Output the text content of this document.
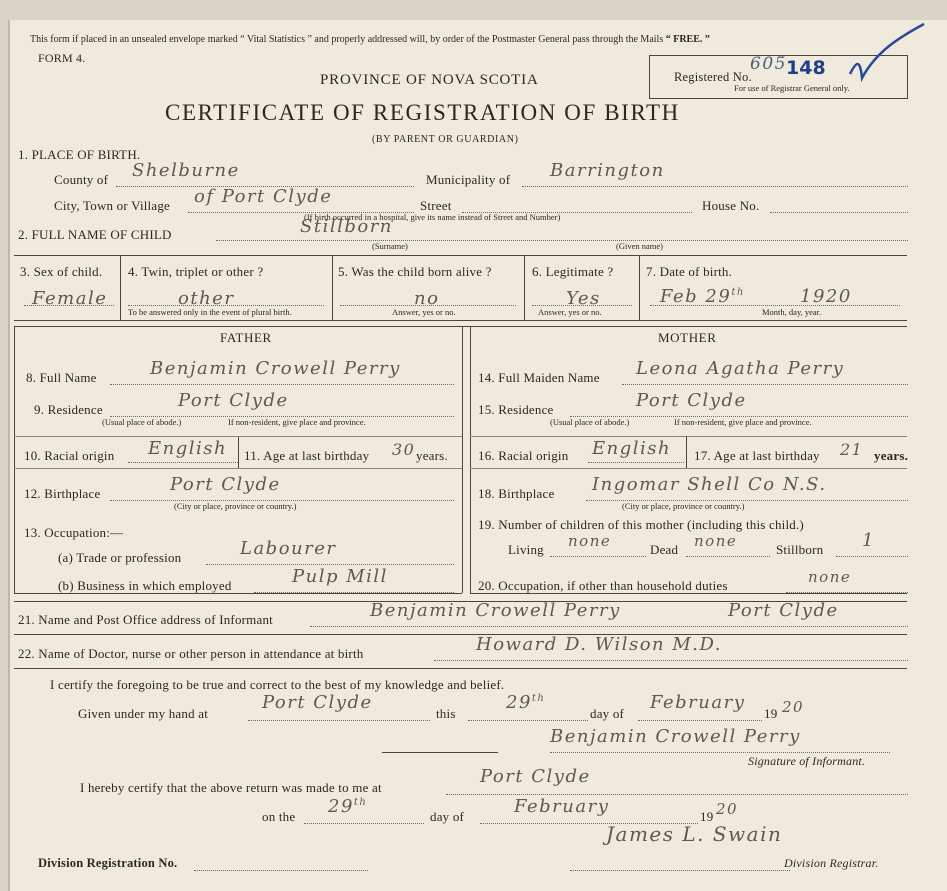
This form if placed in an unsealed envelope marked “ Vital Statistics ” and properly addressed will, by order of the Postmaster General pass through the Mails “ FREE. ”
FORM 4.
PROVINCE OF NOVA SCOTIA
CERTIFICATE OF REGISTRATION OF BIRTH
(BY PARENT OR GUARDIAN)
Registered No.
605 148
For use of Registrar General only.
1. PLACE OF BIRTH.
County of Shelburne	Municipality of Barrington
City, Town or Village of Port Clyde	Street	House No.
(If birth occurred in a hospital, give its name instead of Street and Number)
2. FULL NAME OF CHILD	Stillborn
(Surname)	(Given name)
3. Sex of child.
Female
4. Twin, triplet or other ?
other
To be answered only in the event of plural birth.
5. Was the child born alive ?
no
Answer, yes or no.
6. Legitimate ?
Yes
Answer, yes or no.
7. Date of birth.
Feb 29th	1920
Month, day, year.
FATHER	MOTHER
8. Full Name	Benjamin Crowell Perry
9. Residence	Port Clyde
(Usual place of abode.)	If non-resident, give place and province.
10. Racial origin English 11. Age at last birthday 30 years.
12. Birthplace	Port Clyde
(City or place, province or country.)
13. Occupation:—
(a) Trade or profession	Labourer
(b) Business in which employed	Pulp Mill
14. Full Maiden Name Leona Agatha Perry
15. Residence	Port Clyde
(Usual place of abode.)	If non-resident, give place and province.
16. Racial origin English 17. Age at last birthday 21 years.
18. Birthplace Ingomar Shell Co N.S.
(City or place, province or country.)
19. Number of children of this mother (including this child.)
Living none	Dead none	Stillborn 1
20. Occupation, if other than household duties	none
21. Name and Post Office address of Informant	Benjamin Crowell Perry	Port Clyde
22. Name of Doctor, nurse or other person in attendance at birth	Howard D. Wilson M.D.
I certify the foregoing to be true and correct to the best of my knowledge and belief.
Given under my hand at
Port Clyde
this
29th
day of
February
19 20
Benjamin Crowell Perry
Signature of Informant.
I hereby certify that the above return was made to me at
Port Clyde
on the 29th
day of	February	19 20
Division Registration No.
James L. Swain
Division Registrar.
